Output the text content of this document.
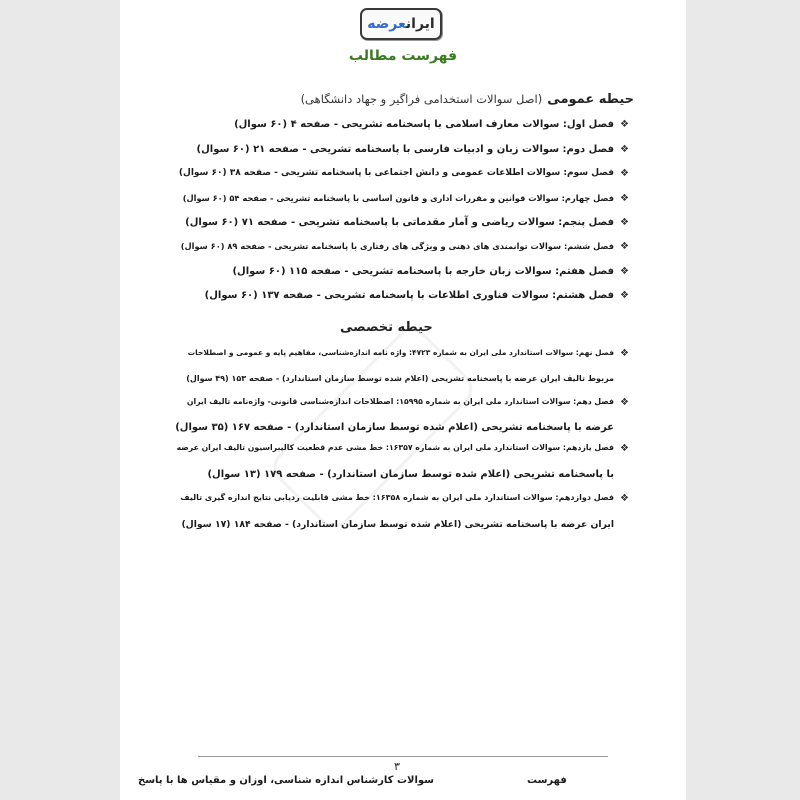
ایرانعرضه
فهرست مطالب
حیطه عمومی (اصل سوالات استخدامی فراگیر و جهاد دانشگاهی)
❖
فصل اول: سوالات معارف اسلامی با پاسخنامه تشریحی - صفحه ۴ (۶۰ سوال)
❖
فصل دوم: سوالات زبان و ادبیات فارسی با پاسخنامه تشریحی - صفحه ۲۱ (۶۰ سوال)
❖
فصل سوم: سوالات اطلاعات عمومی و دانش اجتماعی با پاسخنامه تشریحی - صفحه ۳۸ (۶۰ سوال)
❖
فصل چهارم: سوالات قوانین و مقررات اداری و قانون اساسی با پاسخنامه تشریحی - صفحه ۵۴ (۶۰ سوال)
❖
فصل پنجم: سوالات ریاضی و آمار مقدماتی با پاسخنامه تشریحی - صفحه ۷۱ (۶۰ سوال)
❖
فصل ششم: سوالات توانمندی های ذهنی و ویژگی های رفتاری با پاسخنامه تشریحی - صفحه ۸۹ (۶۰ سوال)
❖
فصل هفتم: سوالات زبان خارجه با پاسخنامه تشریحی - صفحه ۱۱۵ (۶۰ سوال)
❖
فصل هشتم: سوالات فناوری اطلاعات با پاسخنامه تشریحی - صفحه ۱۳۷ (۶۰ سوال)
حیطه تخصصی
❖
فصل نهم: سوالات استاندارد ملی ایران به شماره ۴۷۲۳: واژه نامه اندازه‌شناسی، مفاهیم پایه و عمومی و اصطلاحات
مربوط تالیف ایران عرضه با پاسخنامه تشریحی (اعلام شده توسط سازمان استاندارد) - صفحه ۱۵۳ (۴۹ سوال)
❖
فصل دهم: سوالات استاندارد ملی ایران به شماره ۱۵۹۹۵: اصطلاحات اندازه‌شناسی قانونی- واژه‌نامه تالیف ایران
عرضه با پاسخنامه تشریحی (اعلام شده توسط سازمان استاندارد) - صفحه ۱۶۷ (۳۵ سوال)
❖
فصل یازدهم: سوالات استاندارد ملی ایران به شماره ۱۶۳۵۷: خط مشی عدم قطعیت کالیبراسیون تالیف ایران عرضه
با پاسخنامه تشریحی (اعلام شده توسط سازمان استاندارد) - صفحه ۱۷۹ (۱۳ سوال)
❖
فصل دوازدهم: سوالات استاندارد ملی ایران به شماره ۱۶۳۵۸: خط مشی قابلیت ردیابی نتایج اندازه گیری تالیف
ایران عرضه با پاسخنامه تشریحی (اعلام شده توسط سازمان استاندارد) - صفحه ۱۸۴ (۱۷ سوال)
۳
سوالات کارشناس اندازه شناسی، اوزان و مقیاس ها با پاسخ	فهرست
